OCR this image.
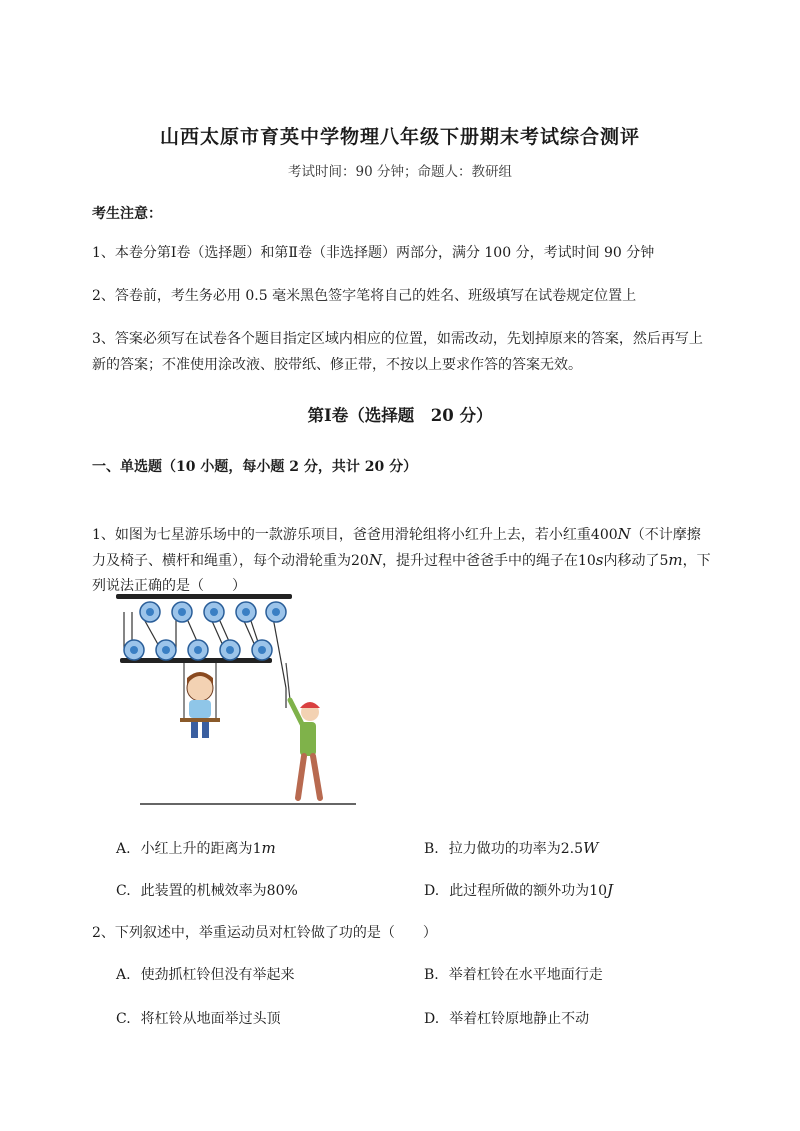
山西太原市育英中学物理八年级下册期末考试综合测评
考试时间：90 分钟；命题人：教研组
考生注意：
1、本卷分第Ⅰ卷（选择题）和第Ⅱ卷（非选择题）两部分，满分 100 分，考试时间 90 分钟
2、答卷前，考生务必用 0.5 毫米黑色签字笔将自己的姓名、班级填写在试卷规定位置上
3、答案必须写在试卷各个题目指定区域内相应的位置，如需改动，先划掉原来的答案，然后再写上新的答案；不准使用涂改液、胶带纸、修正带，不按以上要求作答的答案无效。
第Ⅰ卷（选择题　20 分）
一、单选题（10 小题，每小题 2 分，共计 20 分）
1、如图为七星游乐场中的一款游乐项目，爸爸用滑轮组将小红升上去，若小红重400N（不计摩擦力及椅子、横杆和绳重），每个动滑轮重为20N，提升过程中爸爸手中的绳子在10s内移动了5m，下列说法正确的是（　　）
A. 小红上升的距离为1m	B. 拉力做功的功率为2.5W
C. 此装置的机械效率为80%	D. 此过程所做的额外功为10J
2、下列叙述中，举重运动员对杠铃做了功的是（　　）
A. 使劲抓杠铃但没有举起来	B. 举着杠铃在水平地面行走
C. 将杠铃从地面举过头顶	D. 举着杠铃原地静止不动
